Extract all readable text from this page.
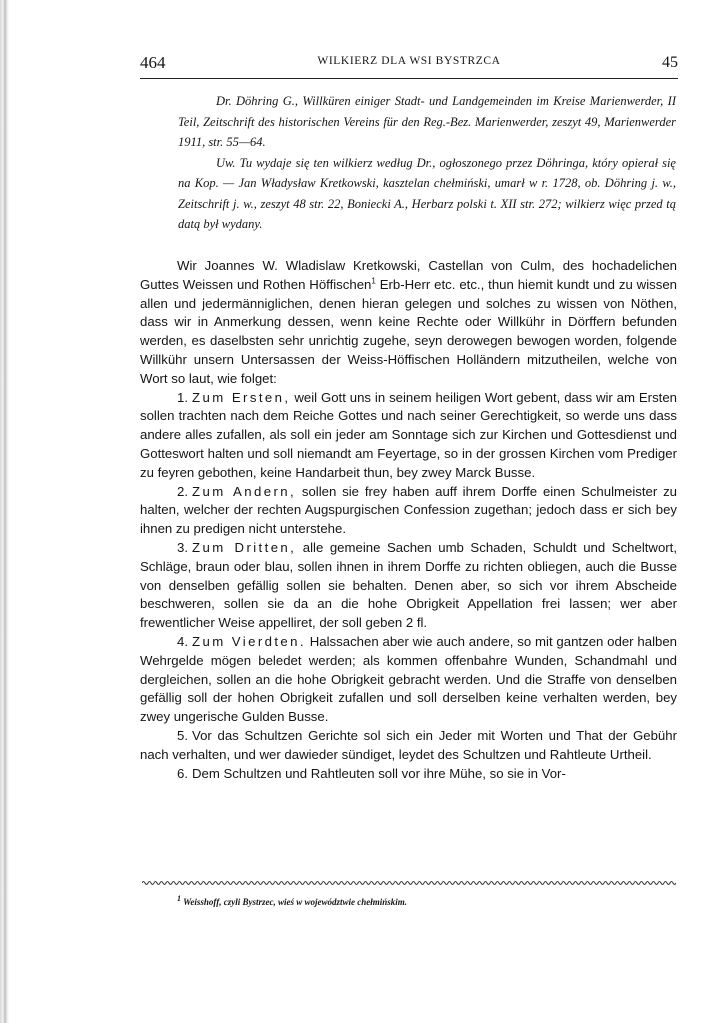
464	WILKIERZ DLA WSI BYSTRZCA	45

Dr. Döhring G., Willküren einiger Stadt- und Landgemeinden im Kreise Marienwerder, II Teil, Zeitschrift des historischen Vereins für den Reg.-Bez. Marienwerder, zeszyt 49, Marienwerder 1911, str. 55—64.

Uw. Tu wydaje się ten wilkierz według Dr., ogłoszonego przez Döhringa, który opierał się na Kop. — Jan Władysław Kretkowski, kasztelan chełmiński, umarł w r. 1728, ob. Döhring j. w., Zeitschrift j. w., zeszyt 48 str. 22, Boniecki A., Herbarz polski t. XII str. 272; wilkierz więc przed tą datą był wydany.

Wir Joannes W. Wladislaw Kretkowski, Castellan von Culm, des hochadelichen Guttes Weissen und Rothen Höffischen$^1$ Erb-Herr etc. etc., thun hiemit kundt und zu wissen allen und jedermänniglichen, denen hieran gelegen und solches zu wissen von Nöthen, dass wir in Anmerkung dessen, wenn keine Rechte oder Willkühr in Dörffern befunden werden, es daselbsten sehr unrichtig zugehe, seyn derowegen bewogen worden, folgende Willkühr unsern Untersassen der Weiss-Höffischen Holländern mitzutheilen, welche von Wort so laut, wie folget:

1. Zum Ersten, weil Gott uns in seinem heiligen Wort gebent, dass wir am Ersten sollen trachten nach dem Reiche Gottes und nach seiner Gerechtigkeit, so werde uns dass andere alles zufallen, als soll ein jeder am Sonntage sich zur Kirchen und Gottesdienst und Gotteswort halten und soll niemandt am Feyertage, so in der grossen Kirchen vom Prediger zu feyren gebothen, keine Handarbeit thun, bey zwey Marck Busse.

2. Zum Andern, sollen sie frey haben auff ihrem Dorffe einen Schulmeister zu halten, welcher der rechten Augspurgischen Confession zugethan; jedoch dass er sich bey ihnen zu predigen nicht unterstehe.

3. Zum Dritten, alle gemeine Sachen umb Schaden, Schuldt und Scheltwort, Schläge, braun oder blau, sollen ihnen in ihrem Dorffe zu richten obliegen, auch die Busse von denselben gefällig sollen sie behalten. Denen aber, so sich vor ihrem Abscheide beschweren, sollen sie da an die hohe Obrigkeit Appellation frei lassen; wer aber frewentlicher Weise appelliret, der soll geben 2 fl.

4. Zum Vierdten. Halssachen aber wie auch andere, so mit gantzen oder halben Wehrgelde mögen beledet werden; als kommen offenbahre Wunden, Schandmahl und dergleichen, sollen an die hohe Obrigkeit gebracht werden. Und die Straffe von denselben gefällig soll der hohen Obrigkeit zufallen und soll derselben keine verhalten werden, bey zwey ungerische Gulden Busse.

5. Vor das Schultzen Gerichte sol sich ein Jeder mit Worten und That der Gebühr nach verhalten, und wer dawieder sündiget, leydet des Schultzen und Rahtleute Urtheil.

6. Dem Schultzen und Rahtleuten soll vor ihre Mühe, so sie in Vor-

$^1$ Weisshoff, czyli Bystrzec, wieś w województwie chełmińskim.
